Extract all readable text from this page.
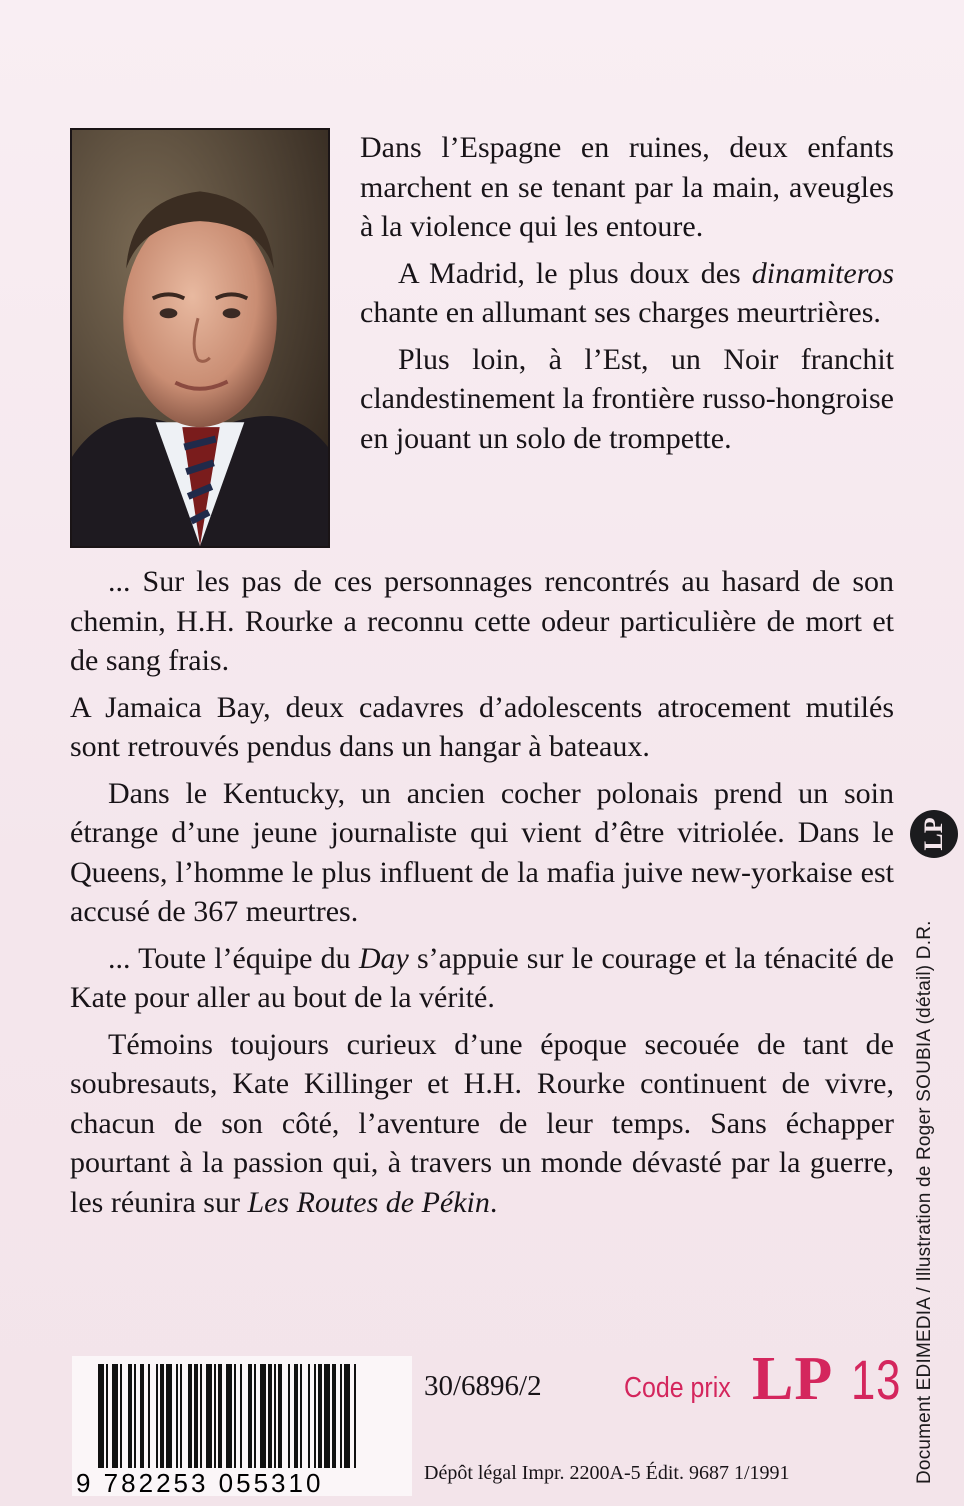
Dans l’Espagne en ruines, deux enfants marchent en se tenant par la main, aveugles à la violence qui les entoure.

A Madrid, le plus doux des dinamiteros chante en allumant ses charges meurtrières.

Plus loin, à l’Est, un Noir franchit clandestinement la frontière russo-hongroise en jouant un solo de trompette.

... Sur les pas de ces personnages rencontrés au hasard de son chemin, H.H. Rourke a reconnu cette odeur particulière de mort et de sang frais.

A Jamaica Bay, deux cadavres d’adolescents atrocement mutilés sont retrouvés pendus dans un hangar à bateaux.

Dans le Kentucky, un ancien cocher polonais prend un soin étrange d’une jeune journaliste qui vient d’être vitriolée. Dans le Queens, l’homme le plus influent de la mafia juive new-yorkaise est accusé de 367 meurtres.

... Toute l’équipe du Day s’appuie sur le courage et la ténacité de Kate pour aller au bout de la vérité.

Témoins toujours curieux d’une époque secouée de tant de soubresauts, Kate Killinger et H.H. Rourke continuent de vivre, chacun de son côté, l’aventure de leur temps. Sans échapper pourtant à la passion qui, à travers un monde dévasté par la guerre, les réunira sur Les Routes de Pékin.

LP
Document EDIMEDIA / Illustration de Roger SOUBIA (détail) D.R.
9 782253 055310
30/6896/2	Code prix LP 13
Dépôt légal Impr. 2200A-5 Édit. 9687 1/1991
